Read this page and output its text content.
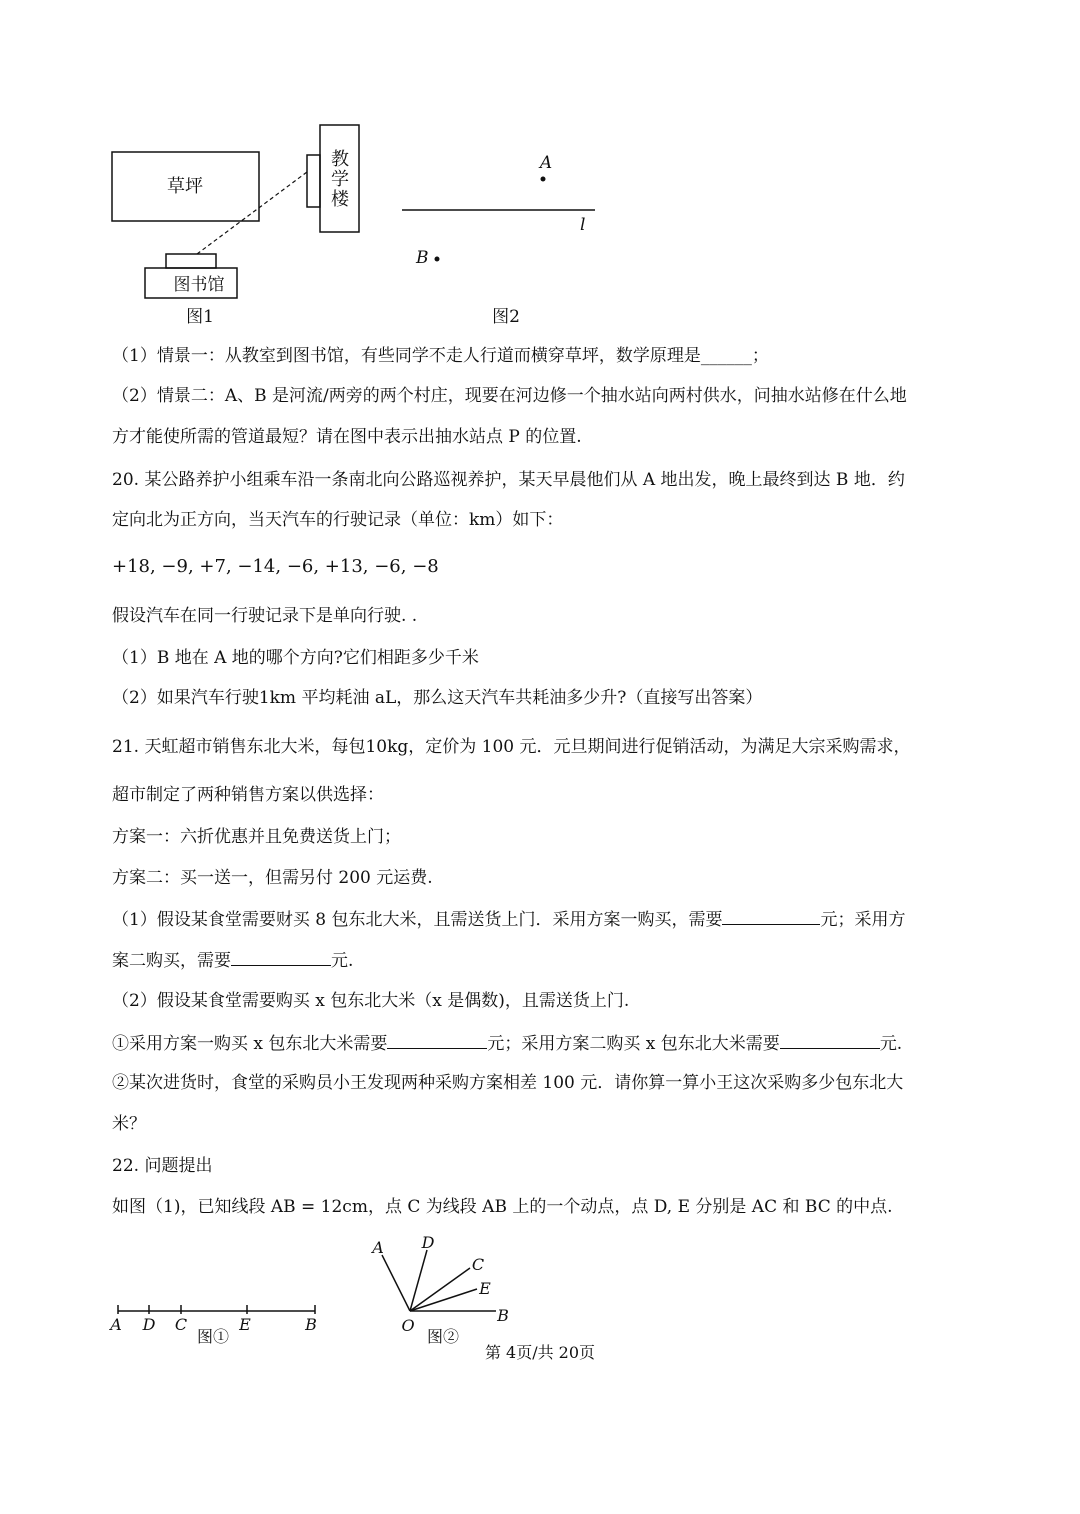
草坪
教
学
楼
图书馆
图1
A
l
B
图2
（1）情景一：从教室到图书馆，有些同学不走人行道而横穿草坪，数学原理是______；
（2）情景二：A、B 是河流/两旁的两个村庄，现要在河边修一个抽水站向两村供水，问抽水站修在什么地
方才能使所需的管道最短？请在图中表示出抽水站点 P 的位置.
20. 某公路养护小组乘车沿一条南北向公路巡视养护，某天早晨他们从 A 地出发，晚上最终到达 B 地．约
定向北为正方向，当天汽车的行驶记录（单位：km）如下：
+18, −9, +7, −14, −6, +13, −6, −8
假设汽车在同一行驶记录下是单向行驶. .
（1）B 地在 A 地的哪个方向?它们相距多少千米
（2）如果汽车行驶1km 平均耗油 aL，那么这天汽车共耗油多少升?（直接写出答案）
21. 天虹超市销售东北大米，每包10kg，定价为 100 元．元旦期间进行促销活动，为满足大宗采购需求，
超市制定了两种销售方案以供选择：
方案一：六折优惠并且免费送货上门；
方案二：买一送一，但需另付 200 元运费.
（1）假设某食堂需要财买 8 包东北大米，且需送货上门．采用方案一购买，需要	元；采用方
案二购买，需要	元.
（2）假设某食堂需要购买 x 包东北大米（x 是偶数)，且需送货上门.
①采用方案一购买 x 包东北大米需要	元；采用方案二购买 x 包东北大米需要	元.
②某次进货时，食堂的采购员小王发现两种采购方案相差 100 元．请你算一算小王这次采购多少包东北大
米？
22. 问题提出
如图（1)，已知线段 AB = 12cm，点 C 为线段 AB 上的一个动点，点 D, E 分别是 AC 和 BC 的中点.
A D C	E	B
图①
A D
C
E
B
O
图②
第 4页/共 20页
